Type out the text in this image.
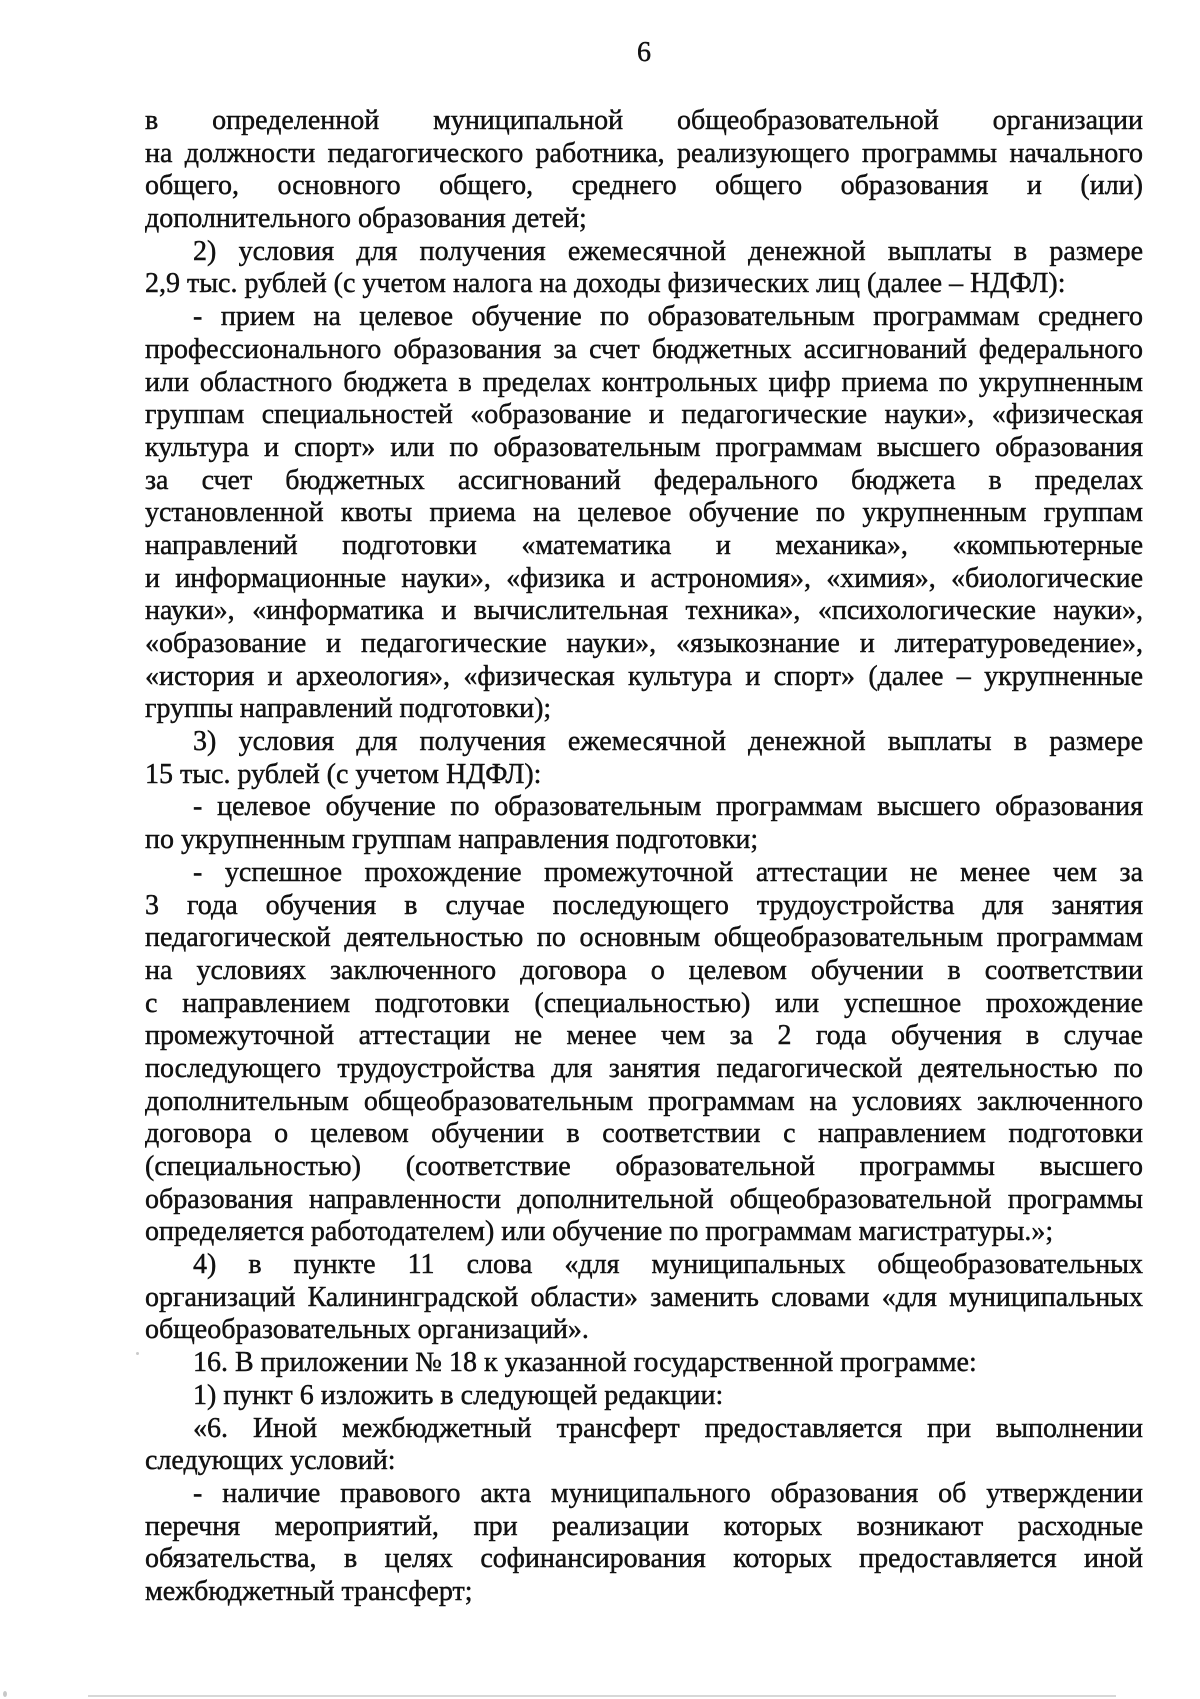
6
в определенной муниципальной общеобразовательной организации
на должности педагогического работника, реализующего программы начального
общего, основного общего, среднего общего образования и (или)
дополнительного образования детей;
2) условия для получения ежемесячной денежной выплаты в размере
2,9 тыс. рублей (с учетом налога на доходы физических лиц (далее – НДФЛ):
- прием на целевое обучение по образовательным программам среднего
профессионального образования за счет бюджетных ассигнований федерального
или областного бюджета в пределах контрольных цифр приема по укрупненным
группам специальностей «образование и педагогические науки», «физическая
культура и спорт» или по образовательным программам высшего образования
за счет бюджетных ассигнований федерального бюджета в пределах
установленной квоты приема на целевое обучение по укрупненным группам
направлений подготовки «математика и механика», «компьютерные
и информационные науки», «физика и астрономия», «химия», «биологические
науки», «информатика и вычислительная техника», «психологические науки»,
«образование и педагогические науки», «языкознание и литературоведение»,
«история и археология», «физическая культура и спорт» (далее – укрупненные
группы направлений подготовки);
3) условия для получения ежемесячной денежной выплаты в размере
15 тыс. рублей (с учетом НДФЛ):
- целевое обучение по образовательным программам высшего образования
по укрупненным группам направления подготовки;
- успешное прохождение промежуточной аттестации не менее чем за
3 года обучения в случае последующего трудоустройства для занятия
педагогической деятельностью по основным общеобразовательным программам
на условиях заключенного договора о целевом обучении в соответствии
с направлением подготовки (специальностью) или успешное прохождение
промежуточной аттестации не менее чем за 2 года обучения в случае
последующего трудоустройства для занятия педагогической деятельностью по
дополнительным общеобразовательным программам на условиях заключенного
договора о целевом обучении в соответствии с направлением подготовки
(специальностью) (соответствие образовательной программы высшего
образования направленности дополнительной общеобразовательной программы
определяется работодателем) или обучение по программам магистратуры.»;
4) в пункте 11 слова «для муниципальных общеобразовательных
организаций Калининградской области» заменить словами «для муниципальных
общеобразовательных организаций».
16. В приложении № 18 к указанной государственной программе:
1) пункт 6 изложить в следующей редакции:
«6. Иной межбюджетный трансферт предоставляется при выполнении
следующих условий:
- наличие правового акта муниципального образования об утверждении
перечня мероприятий, при реализации которых возникают расходные
обязательства, в целях софинансирования которых предоставляется иной
межбюджетный трансферт;
